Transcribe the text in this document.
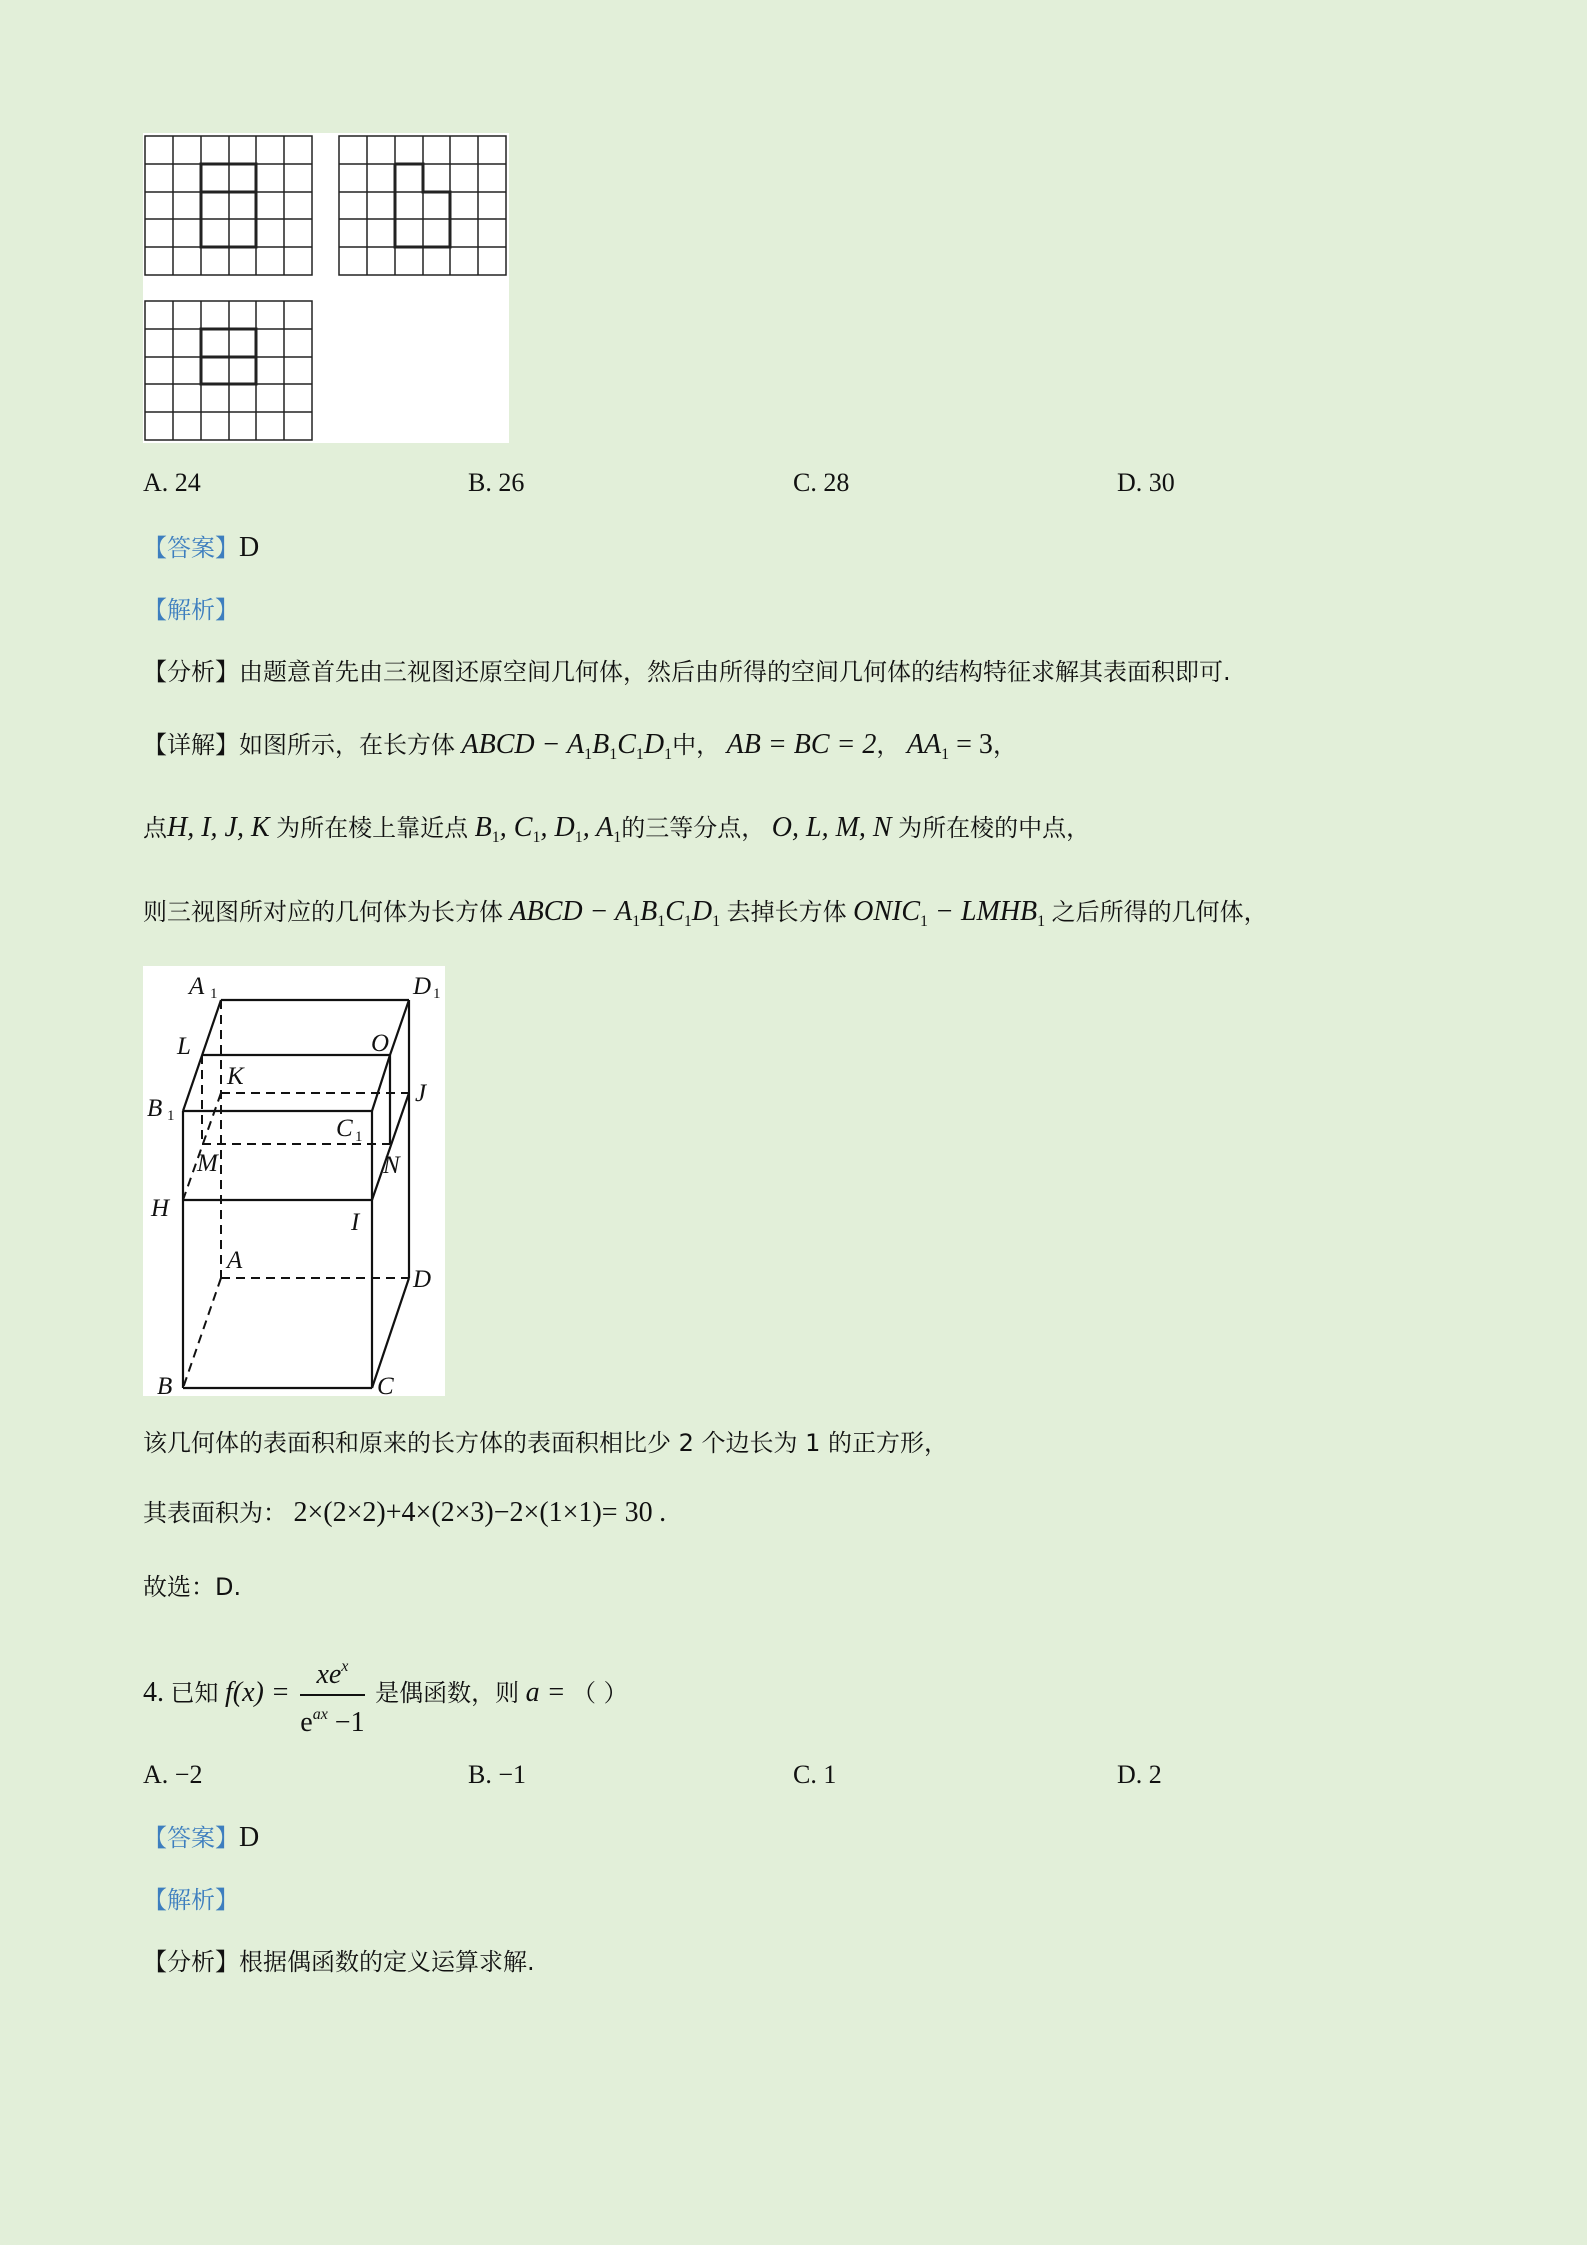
A. 24	B. 26	C. 28	D. 30
【答案】D
【解析】
【分析】由题意首先由三视图还原空间几何体，然后由所得的空间几何体的结构特征求解其表面积即可.
【详解】如图所示，在长方体 ABCD − $A_1B_1C_1D_1$中， AB = BC = 2， $AA_1 = 3$，
点H, I, J, K 为所在棱上靠近点 $B_1$, $C_1$, $D_1$, $A_1$的三等分点， O, L, M, N 为所在棱的中点，
则三视图所对应的几何体为长方体 ABCD − $A_1B_1C_1D_1$ 去掉长方体 $ONIC_1$ − $LMHB_1$ 之后所得的几何体，
A 1	D 1
L	O
K
J
B 1	C 1
M	N
H
I
A
D
B	C
该几何体的表面积和原来的长方体的表面积相比少 2 个边长为 1 的正方形，
其表面积为： 2×(2×2)+4×(2×3)−2×(1×1)= 30 .
故选：D.
4. 已知 $f(x) = \frac{xe^x}{e^{ax} -1}$ 是偶函数，则 a = （ ）
A. −2	B. −1	C. 1	D. 2
【答案】D
【解析】
【分析】根据偶函数的定义运算求解.
